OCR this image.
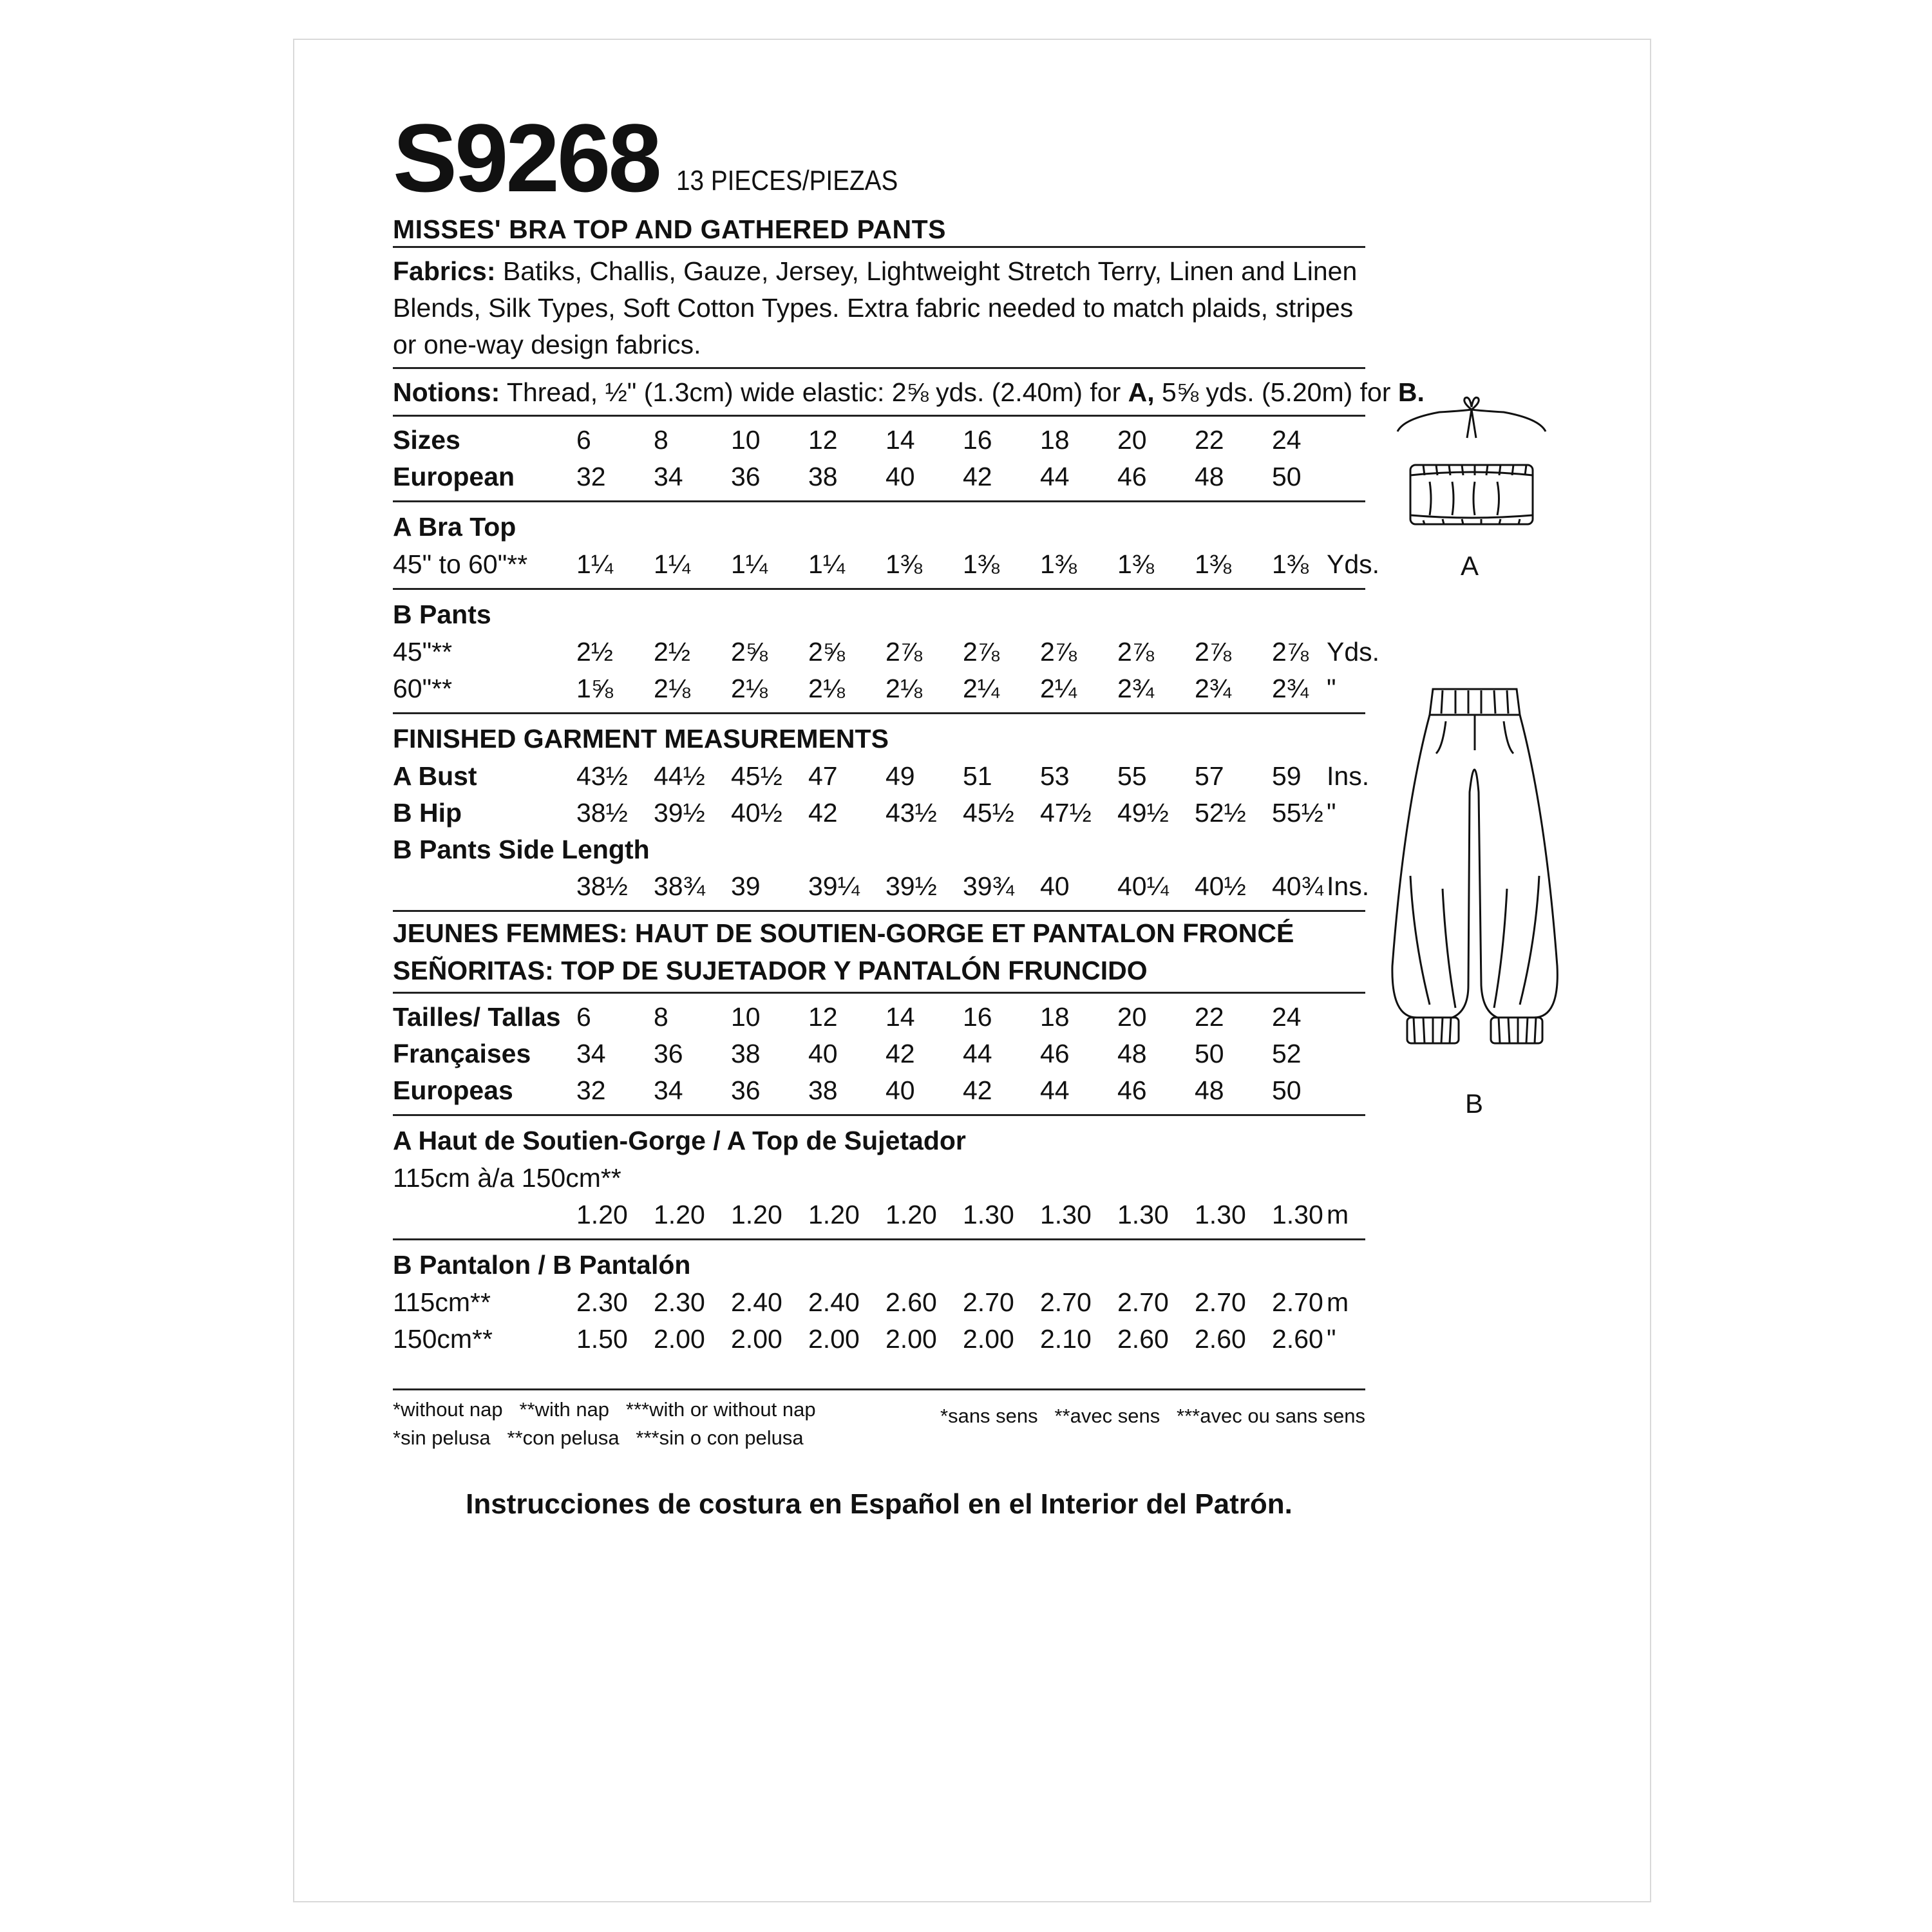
S9268 13 PIECES/PIEZAS
MISSES' BRA TOP AND GATHERED PANTS
Fabrics: Batiks, Challis, Gauze, Jersey, Lightweight Stretch Terry, Linen and Linen Blends, Silk Types, Soft Cotton Types. Extra fabric needed to match plaids, stripes or one-way design fabrics.
Notions: Thread, ½" (1.3cm) wide elastic: 2⅝ yds. (2.40m) for A, 5⅝ yds. (5.20m) for B.
Sizes	6 8 10 12 14 16 18 20 22 24
European 32 34 36 38 40 42 44 46 48 50
A Bra Top
45" to 60"** 1¼ 1¼ 1¼ 1¼ 1⅜ 1⅜ 1⅜ 1⅜ 1⅜ 1⅜ Yds.
B Pants
45"**	2½ 2½ 2⅝ 2⅝ 2⅞ 2⅞ 2⅞ 2⅞ 2⅞ 2⅞ Yds.
60"**	1⅝ 2⅛ 2⅛ 2⅛ 2⅛ 2¼ 2¼ 2¾ 2¾ 2¾ "
FINISHED GARMENT MEASUREMENTS
A Bust	43½ 44½ 45½ 47 49 51 53 55 57 59 Ins.
B Hip	38½ 39½ 40½ 42 43½ 45½ 47½ 49½ 52½ 55½ "
B Pants Side Length
38½ 38¾ 39 39¼ 39½ 39¾ 40 40¼ 40½ 40¾ Ins.
JEUNES FEMMES: HAUT DE SOUTIEN-GORGE ET PANTALON FRONCÉ
SEÑORITAS: TOP DE SUJETADOR Y PANTALÓN FRUNCIDO
Tailles/ Tallas 6 8 10 12 14 16 18 20 22 24
Françaises 34 36 38 40 42 44 46 48 50 52
Europeas 32 34 36 38 40 42 44 46 48 50
A Haut de Soutien-Gorge / A Top de Sujetador
115cm à/a 150cm**
1.20 1.20 1.20 1.20 1.20 1.30 1.30 1.30 1.30 1.30 m
B Pantalon / B Pantalón
115cm**	2.30 2.30 2.40 2.40 2.60 2.70 2.70 2.70 2.70 2.70 m
150cm**	1.50 2.00 2.00 2.00 2.00 2.00 2.10 2.60 2.60 2.60 "
*without nap   **with nap   ***with or without nap
*sin pelusa   **con pelusa   ***sin o con pelusa
*sans sens   **avec sens   ***avec ou sans sens
Instrucciones de costura en Español en el Interior del Patrón.
A
B
